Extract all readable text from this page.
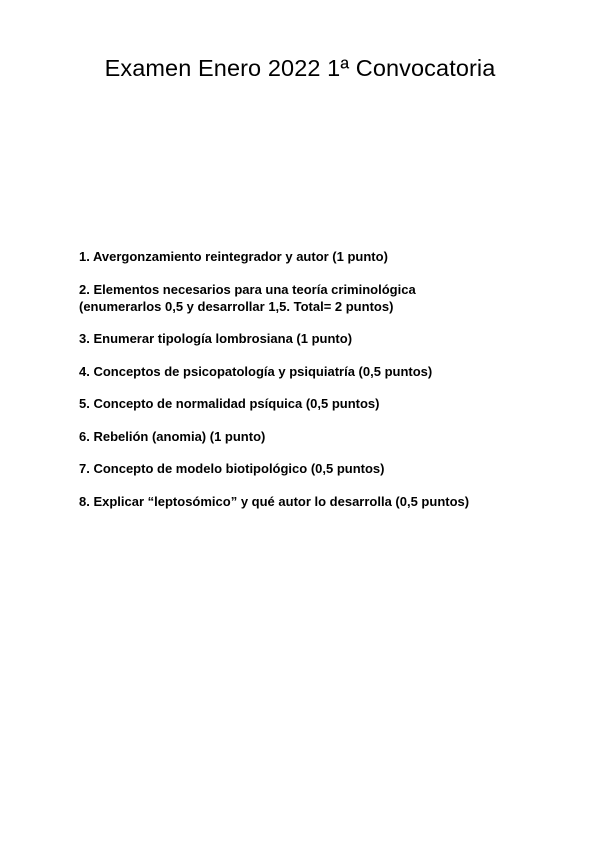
Examen Enero 2022 1ª Convocatoria
1. Avergonzamiento reintegrador y autor (1 punto)
2. Elementos necesarios para una teoría criminológica
(enumerarlos 0,5 y desarrollar 1,5. Total= 2 puntos)
3. Enumerar tipología lombrosiana (1 punto)
4. Conceptos de psicopatología y psiquiatría (0,5 puntos)
5. Concepto de normalidad psíquica (0,5 puntos)
6. Rebelión (anomia) (1 punto)
7. Concepto de modelo biotipológico (0,5 puntos)
8. Explicar “leptosómico” y qué autor lo desarrolla (0,5 puntos)
